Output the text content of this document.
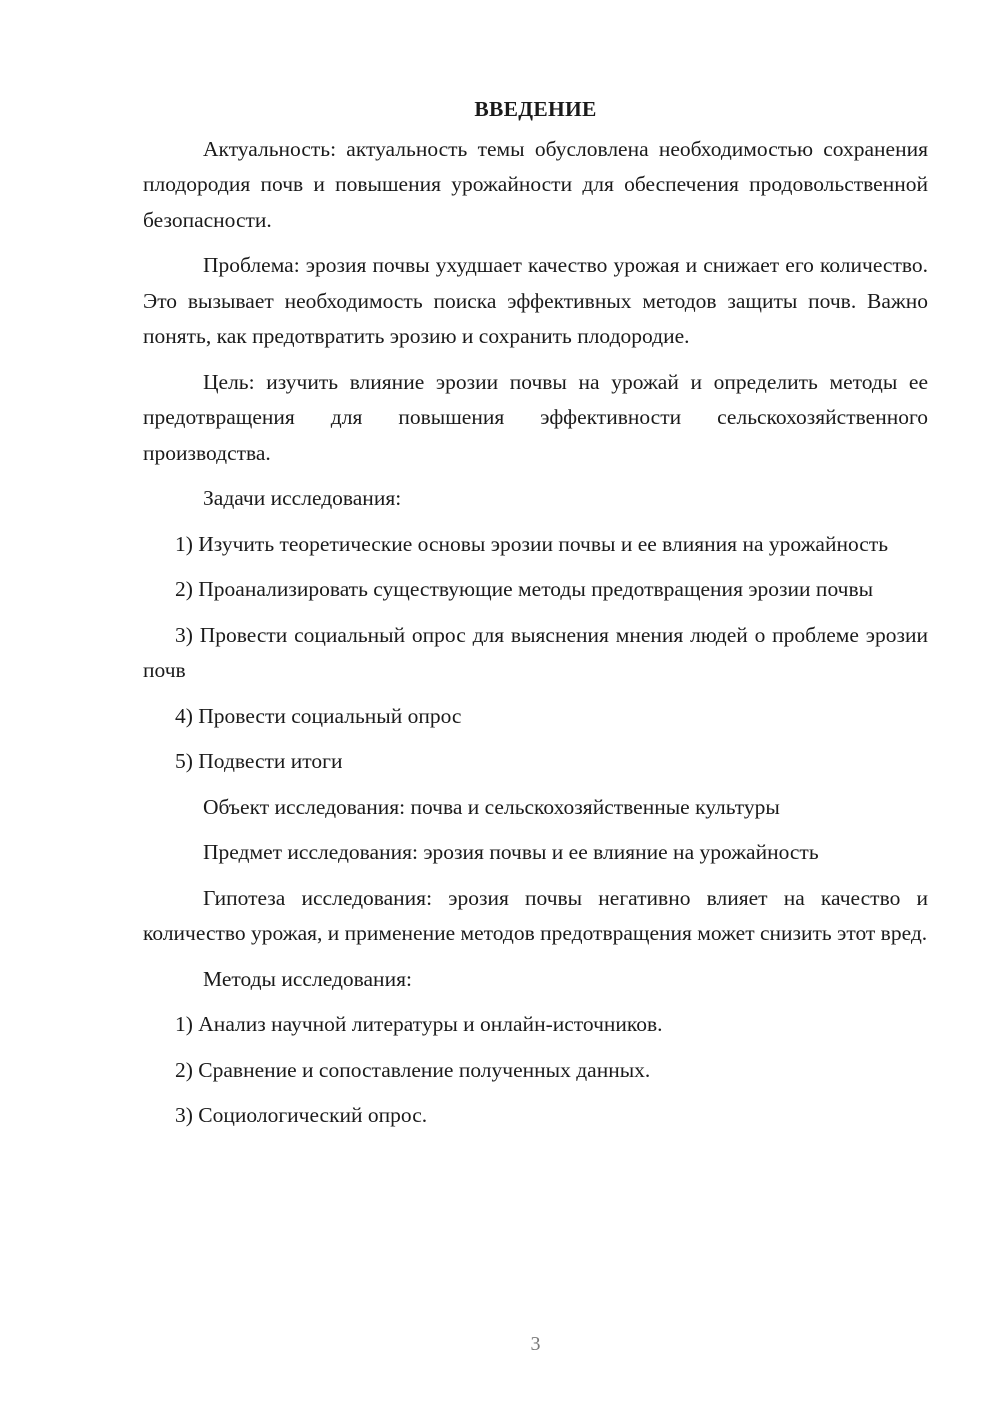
ВВЕДЕНИЕ

Актуальность: актуальность темы обусловлена необходимостью сохранения плодородия почв и повышения урожайности для обеспечения продовольственной безопасности.

Проблема: эрозия почвы ухудшает качество урожая и снижает его количество. Это вызывает необходимость поиска эффективных методов защиты почв. Важно понять, как предотвратить эрозию и сохранить плодородие.

Цель: изучить влияние эрозии почвы на урожай и определить методы ее предотвращения для повышения эффективности сельскохозяйственного производства.

Задачи исследования:

1) Изучить теоретические основы эрозии почвы и ее влияния на урожайность

2) Проанализировать существующие методы предотвращения эрозии почвы

3) Провести социальный опрос для выяснения мнения людей о проблеме эрозии почв

4) Провести социальный опрос

5) Подвести итоги

Объект исследования: почва и сельскохозяйственные культуры

Предмет исследования: эрозия почвы и ее влияние на урожайность

Гипотеза исследования: эрозия почвы негативно влияет на качество и количество урожая, и применение методов предотвращения может снизить этот вред.

Методы исследования:

1) Анализ научной литературы и онлайн-источников.

2) Сравнение и сопоставление полученных данных.

3) Социологический опрос.

3
